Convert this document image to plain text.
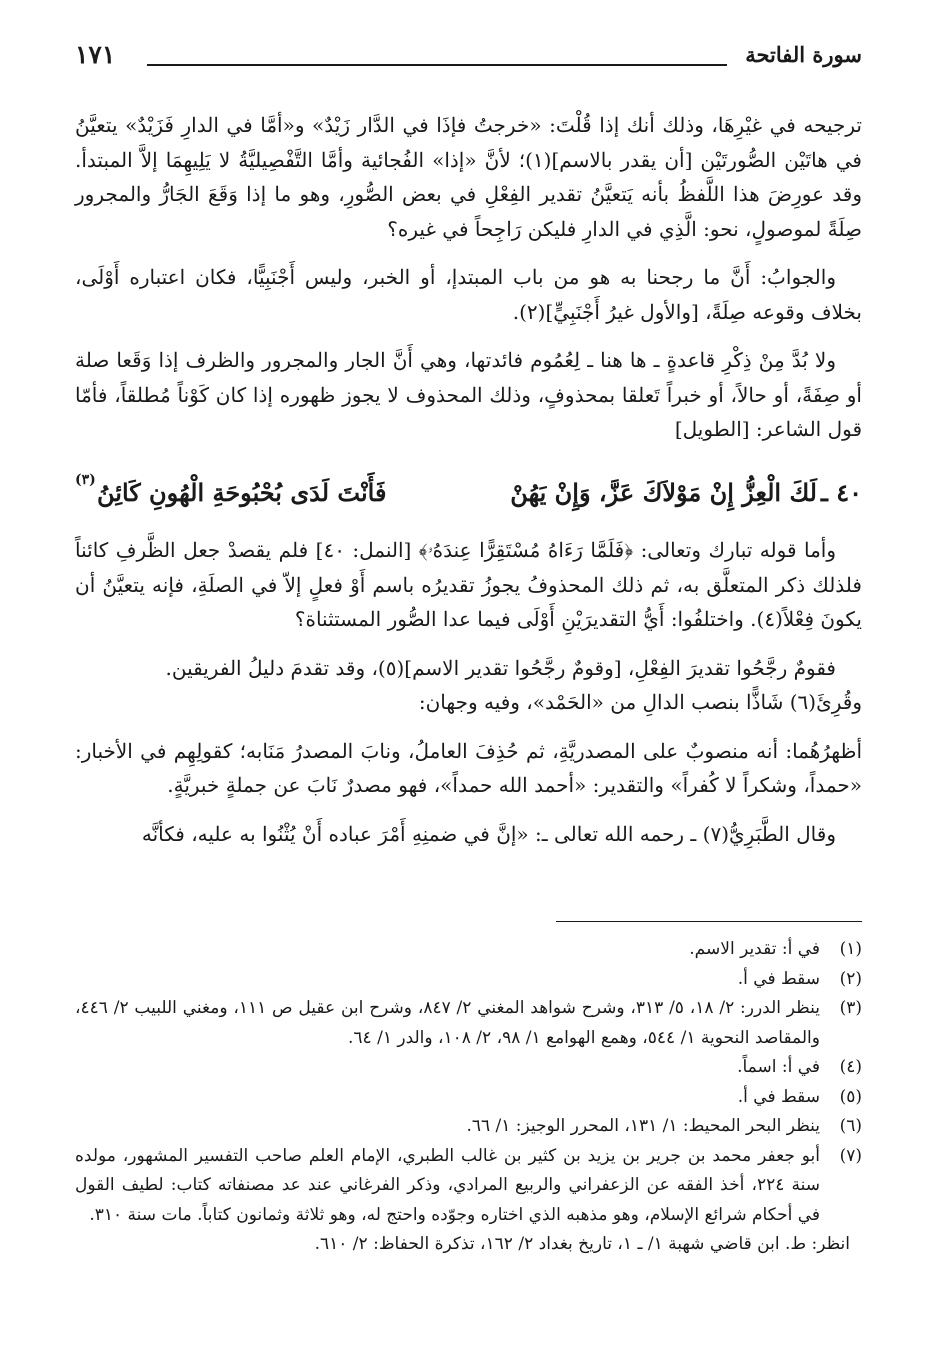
سورة الفاتحة
١٧١

ترجيحه في غيْرِهَا، وذلك أنك إذا قُلْتَ: «خرجتُ فإذَا في الدَّار زَيْدٌ» و«أمَّا في الدارِ فَزَيْدٌ» يتعيَّنُ في هاتَيْن الصُّورتَيْن [أن يقدر بالاسم](١)؛ لأنَّ «إذا» الفُجائية وأمَّا التَّفْصِيليَّةُ لا يَلِيهِمَا إلاَّ المبتدأ. وقد عورِضَ هذا اللَّفظُ بأنه يَتعيَّنُ تقدير الفِعْلِ في بعض الصُّورِ، وهو ما إذا وَقَعَ الجَارُّ والمجرور صِلَةً لموصولٍ، نحو: الَّذِي في الدارِ فليكن رَاجِحاً في غيره؟

والجوابُ: أَنَّ ما رجحنا به هو من باب المبتدإ، أو الخبر، وليس أَجْنَبِيًّا، فكان اعتباره أَوْلَى، بخلاف وقوعه صِلَةً، [والأول غيرُ أَجْنَبِيٍّ](٢).

ولا بُدَّ مِنْ ذِكْرِ قاعدةٍ ـ ها هنا ـ لِعُمُوم فائدتها، وهي أَنَّ الجار والمجرور والظرف إذا وَقَعا صلة أو صِفَةً، أو حالاً، أو خبراً تَعلقا بمحذوفٍ، وذلك المحذوف لا يجوز ظهوره إذا كان كَوْناً مُطلقاً، فأمّا قول الشاعر: [الطويل]

٤٠ ـ
لَكَ الْعِزُّ إِنْ مَوْلاَكَ عَزَّ، وَإِنْ يَهُنْ
فَأَنْتَ لَدَى بُحْبُوحَةِ الْهُونِ كَائِنُ
(٣)

وأما قوله تبارك وتعالى: ﴿فَلَمَّا رَءَاهُ مُسْتَقِرًّا عِندَهُۥ﴾ [النمل: ٤٠] فلم يقصدْ جعل الظَّرفِ كائناً فلذلك ذكر المتعلَّق به، ثم ذلك المحذوفُ يجوزُ تقديرُه باسم أَوْ فعلٍ إلاّ في الصلَةِ، فإنه يتعيَّنُ أن يكونَ فِعْلاً(٤). واختلفُوا: أَيُّ التقديرَيْنِ أَوْلَى فيما عدا الصُّور المستثناة؟

فقومٌ رجَّحُوا تقديرَ الفِعْلِ، [وقومٌ رجَّحُوا تقدير الاسم](٥)، وقد تقدمَ دليلُ الفريقين.

وقُرِئَ(٦) شَاذًّا بنصب الدالِ من «الحَمْد»، وفيه وجهان:

أظهرُهُما: أنه منصوبٌ على المصدريَّةِ، ثم حُذِفَ العاملُ، ونابَ المصدرُ مَنَابه؛ كقولِهِم في الأخبار: «حمداً، وشكراً لا كُفراً» والتقدير: «أحمد الله حمداً»، فهو مصدرٌ نَابَ عن جملةٍ خبريَّةٍ.

وقال الطَّبَرِيُّ(٧) ـ رحمه الله تعالى ـ: «إنَّ في ضمنِهِ أَمْرَ عباده أَنْ يُثْنُوا به عليه، فكأنَّه

(١)
في أ: تقدير الاسم.
(٢)
سقط في أ.
(٣)
ينظر الدرر: ٢/ ١٨، ٥/ ٣١٣، وشرح شواهد المغني ٢/ ٨٤٧، وشرح ابن عقيل ص ١١١، ومغني اللبيب ٢/ ٤٤٦، والمقاصد النحوية ١/ ٥٤٤، وهمع الهوامع ١/ ٩٨، ٢/ ١٠٨، والدر ١/ ٦٤.
(٤)
في أ: اسماً.
(٥)
سقط في أ.
(٦)
ينظر البحر المحيط: ١/ ١٣١، المحرر الوجيز: ١/ ٦٦.
(٧)
أبو جعفر محمد بن جرير بن يزيد بن كثير بن غالب الطبري، الإمام العلم صاحب التفسير المشهور، مولده سنة ٢٢٤، أخذ الفقه عن الزعفراني والربيع المرادي، وذكر الفرغاني عند عد مصنفاته كتاب: لطيف القول في أحكام شرائع الإسلام، وهو مذهبه الذي اختاره وجوّده واحتج له، وهو ثلاثة وثمانون كتاباً. مات سنة ٣١٠.
انظر: ط. ابن قاضي شهبة ١/ ـ ١، تاريخ بغداد ٢/ ١٦٢، تذكرة الحفاظ: ٢/ ٦١٠.
